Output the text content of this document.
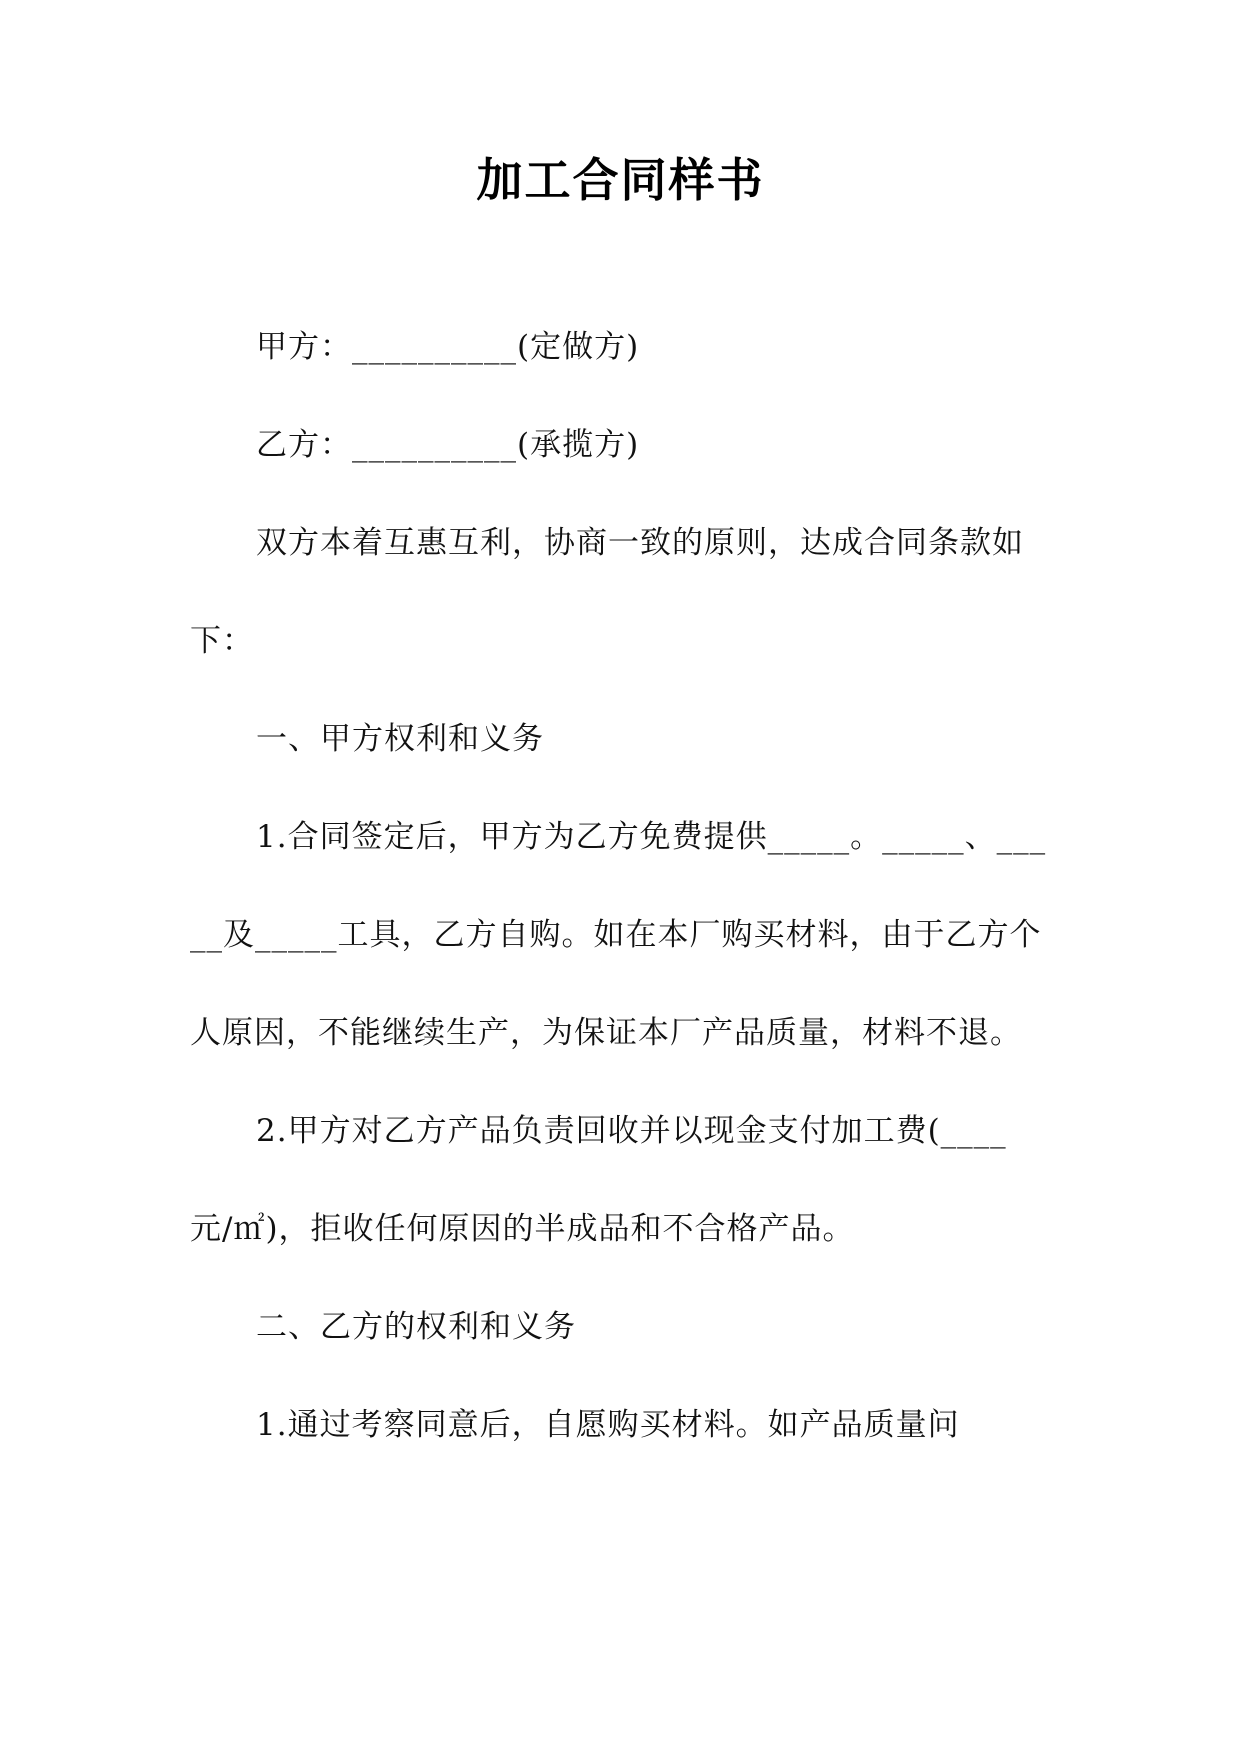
加工合同样书

甲方：__________(定做方)

乙方：__________(承揽方)

双方本着互惠互利，协商一致的原则，达成合同条款如下：

一、甲方权利和义务

1.合同签定后，甲方为乙方免费提供_____。_____、_____及_____工具，乙方自购。如在本厂购买材料，由于乙方个人原因，不能继续生产，为保证本厂产品质量，材料不退。

2.甲方对乙方产品负责回收并以现金支付加工费(____元/㎡)，拒收任何原因的半成品和不合格产品。

二、乙方的权利和义务

1.通过考察同意后，自愿购买材料。如产品质量问
